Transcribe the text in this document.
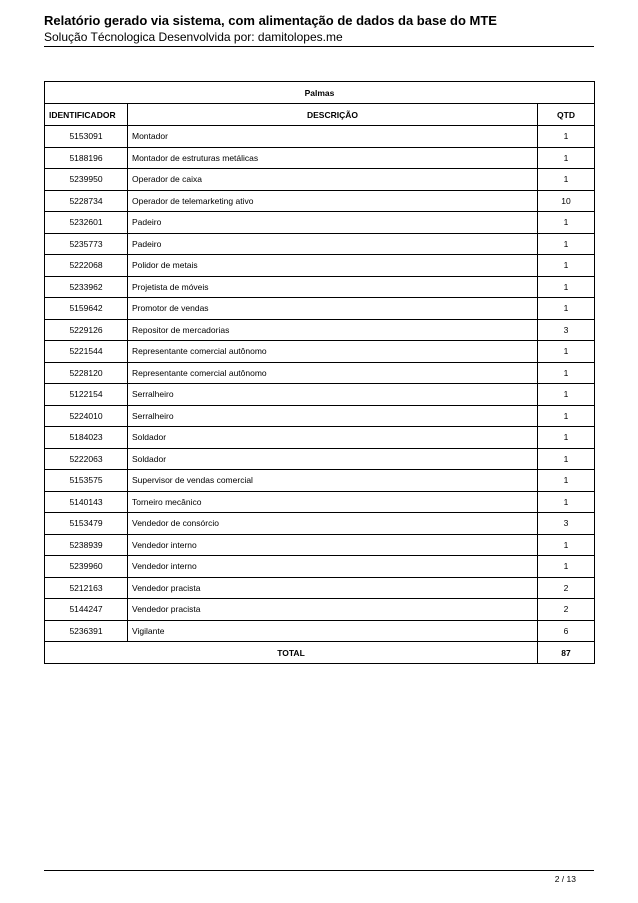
Relatório gerado via sistema, com alimentação de dados da base do MTE
Solução Técnologica Desenvolvida por: damitolopes.me
Palmas		
IDENTIFICADOR	DESCRIÇÃO	QTD
5153091	Montador	1
5188196	Montador de estruturas metálicas	1
5239950	Operador de caixa	1
5228734	Operador de telemarketing ativo	10
5232601	Padeiro	1
5235773	Padeiro	1
5222068	Polidor de metais	1
5233962	Projetista de móveis	1
5159642	Promotor de vendas	1
5229126	Repositor de mercadorias	3
5221544	Representante comercial autônomo	1
5228120	Representante comercial autônomo	1
5122154	Serralheiro	1
5224010	Serralheiro	1
5184023	Soldador	1
5222063	Soldador	1
5153575	Supervisor de vendas comercial	1
5140143	Torneiro mecânico	1
5153479	Vendedor de consórcio	3
5238939	Vendedor interno	1
5239960	Vendedor interno	1
5212163	Vendedor pracista	2
5144247	Vendedor pracista	2
5236391	Vigilante	6
TOTAL		87
2 / 13
